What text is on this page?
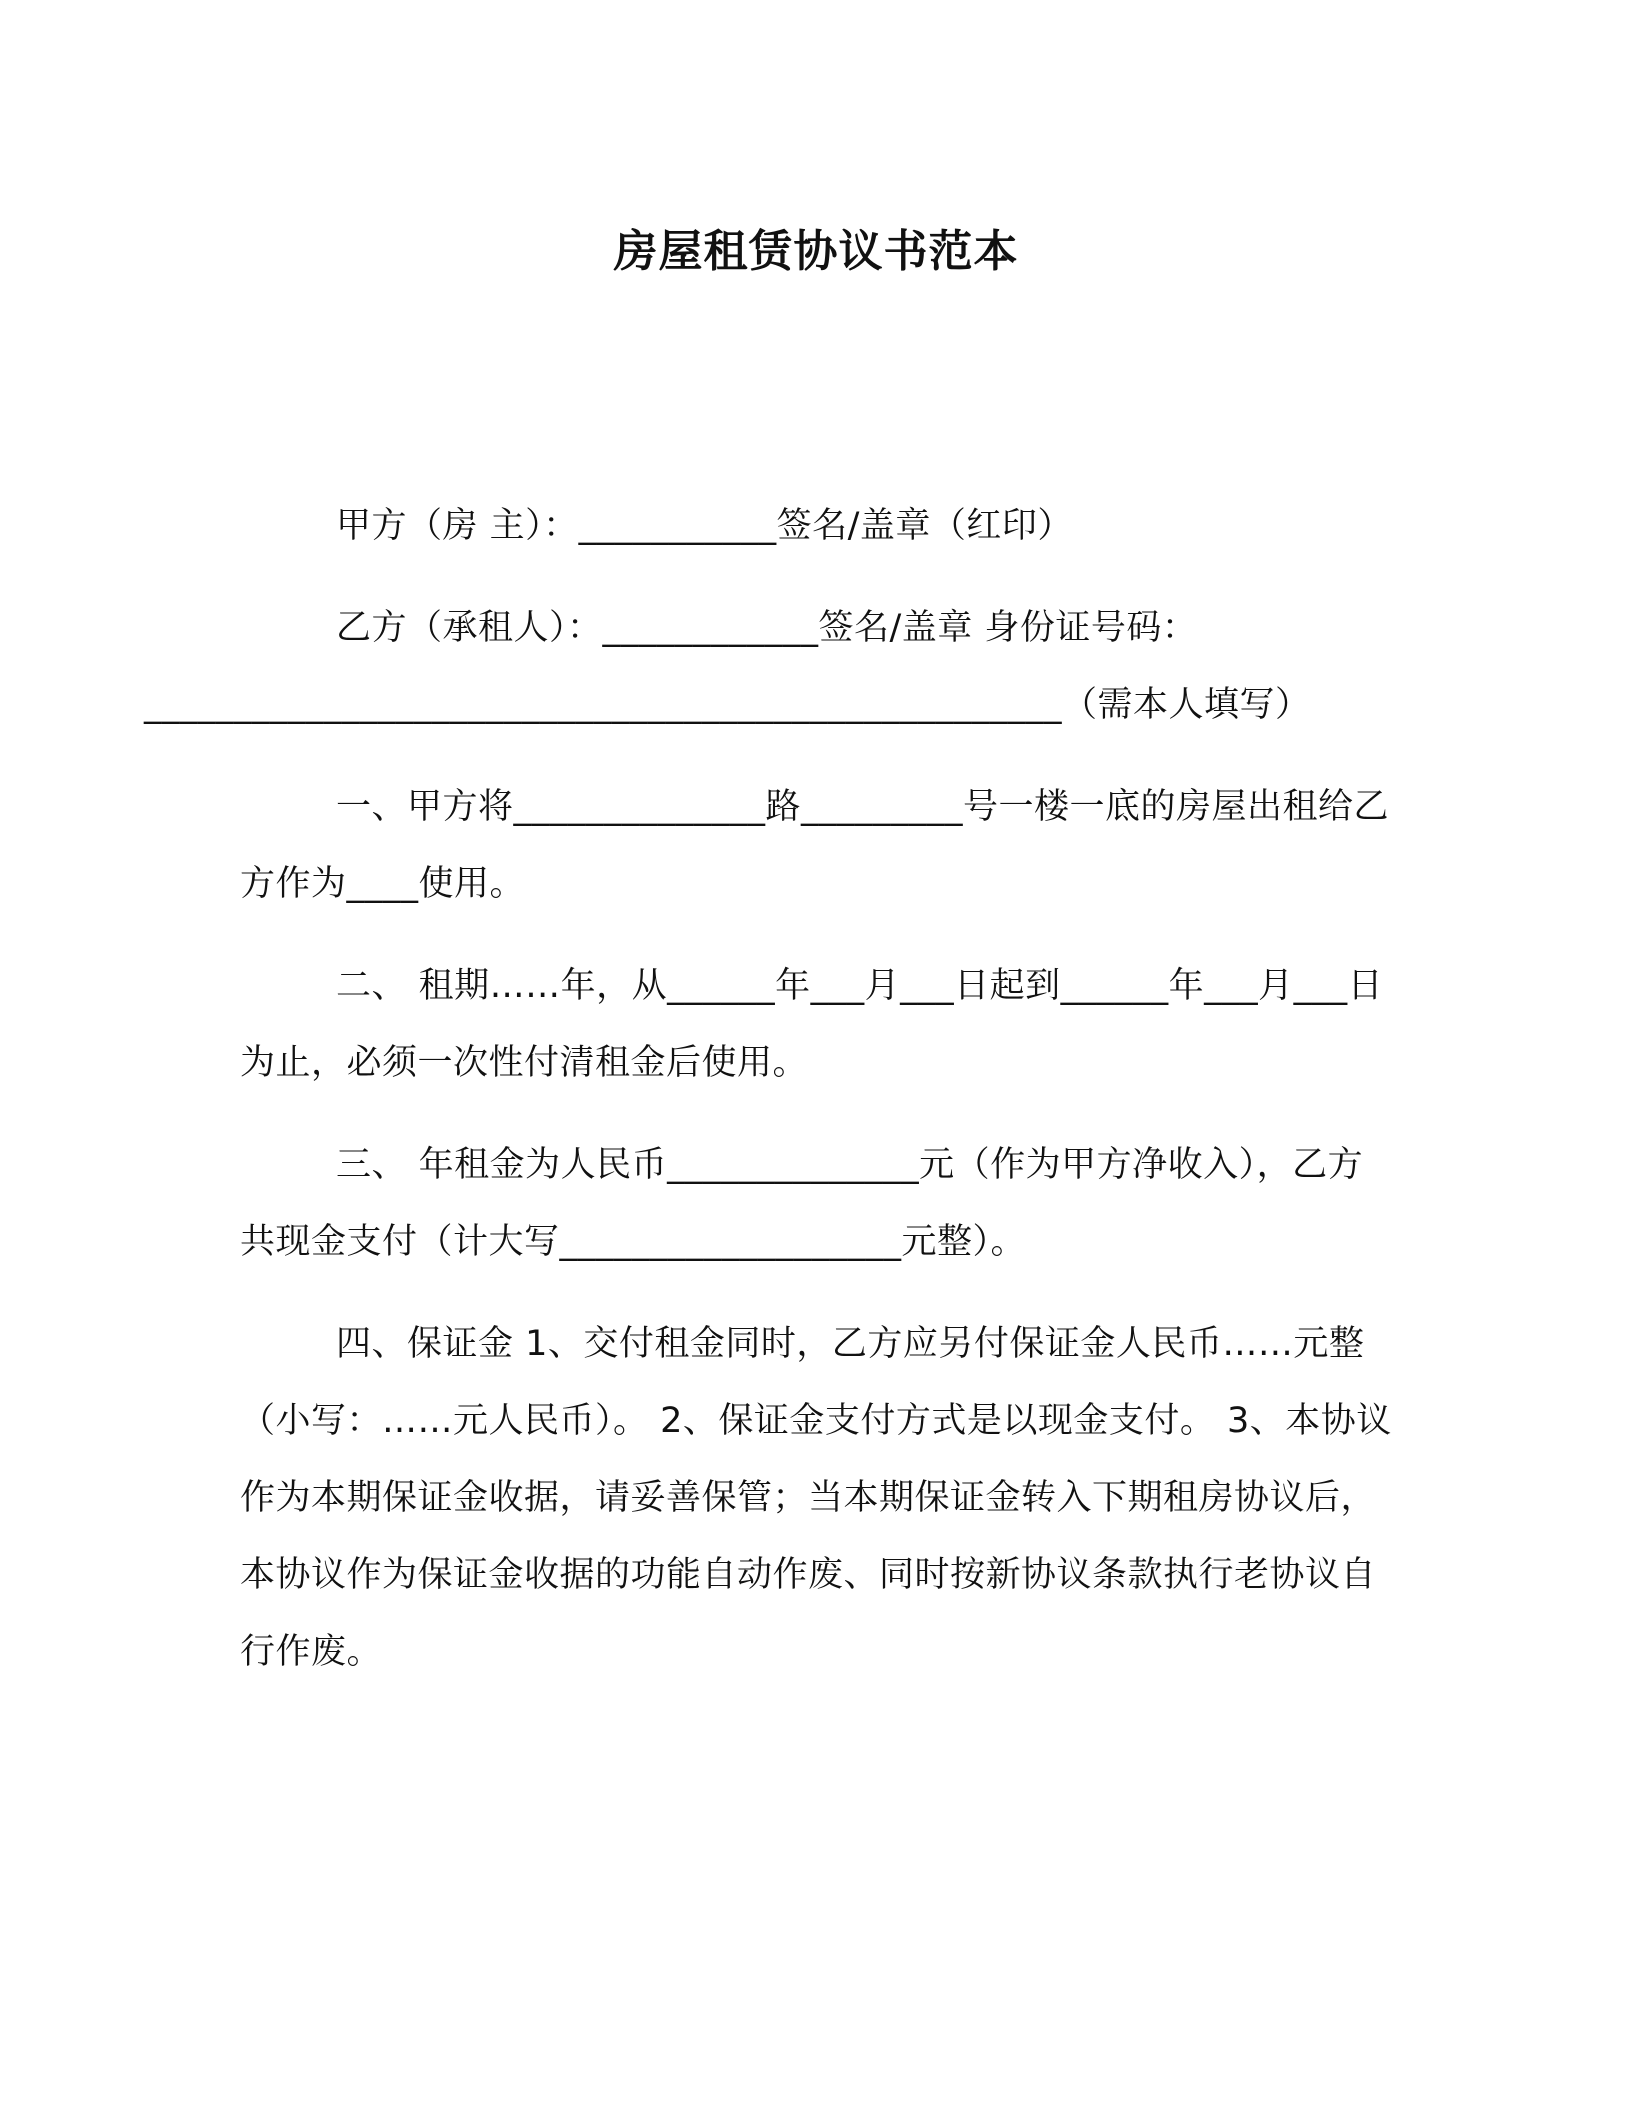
房屋租赁协议书范本

甲方（房 主）：___________签名/盖章（红印）

乙方（承租人）：____________签名/盖章 身份证号码：
___________________________________________________（需本人填写）

一、甲方将______________路_________号一楼一底的房屋出租给乙方作为____使用。

二、 租期……年，从______年___月___日起到______年___月___日为止，必须一次性付清租金后使用。

三、 年租金为人民币______________元（作为甲方净收入），乙方共现金支付（计大写___________________元整）。

四、保证金 1、交付租金同时，乙方应另付保证金人民币……元整（小写：……元人民币）。 2、保证金支付方式是以现金支付。 3、本协议作为本期保证金收据，请妥善保管；当本期保证金转入下期租房协议后，本协议作为保证金收据的功能自动作废、同时按新协议条款执行老协议自行作废。
